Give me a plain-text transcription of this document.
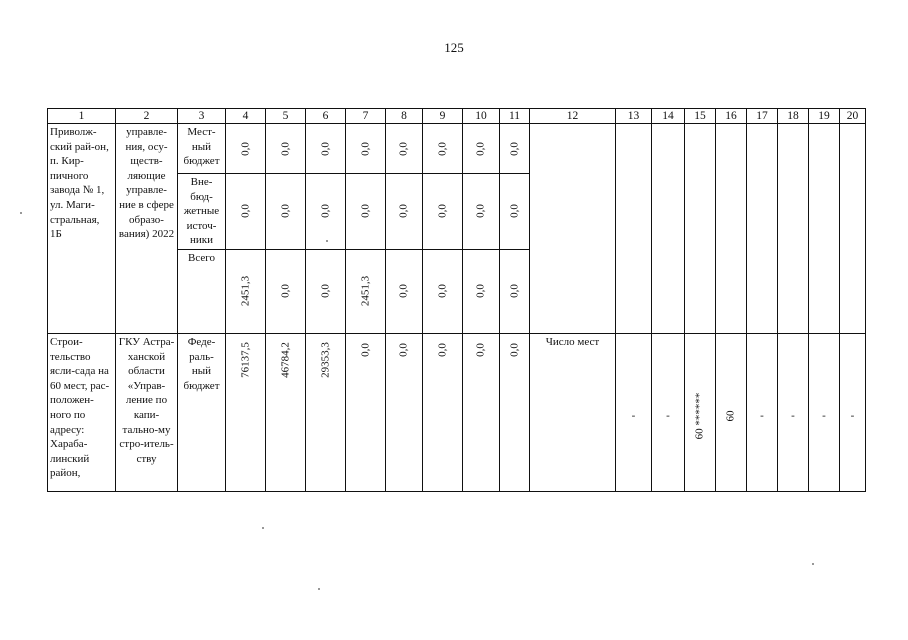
125
1	2	3	4	5	6	7	8	9	10	11	12	13	14	15	16	17	18	19	20
Приволж-ский рай-он, п. Кир-пичного завода № 1, ул. Маги-стральная, 1Б	управле-ния, осу-ществ-ляющие управле-ние в сфере образо-вания) 2022	Мест-ный бюджет	0,0	0,0	0,0	0,0	0,0	0,0	0,0	0,0									

		Вне-бюд-жетные источ-ники	0,0	0,0	0,0	0,0	0,0	0,0	0,0	0,0									

		Всего	2451,3	0,0	0,0	2451,3	0,0	0,0	0,0	0,0									

Строи-тельство ясли-сада на 60 мест, рас-положен-ного по адресу: Хараба-линский район,	ГКУ Астра-ханской области «Управ-ление по капи-тально-му стро-итель-ству	Феде-раль-ный бюджет	76137,5	46784,2	29353,3	0,0	0,0	0,0	0,0	0,0	Число мест	-	-	60 ******	60	-	-	-	-
